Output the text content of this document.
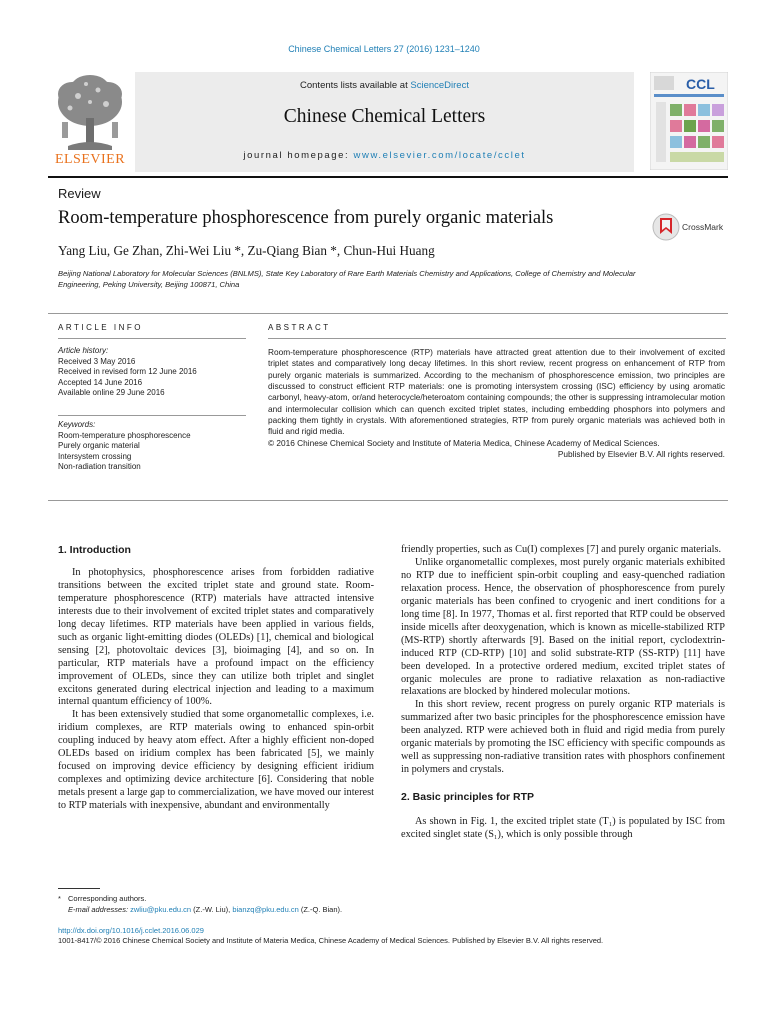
Chinese Chemical Letters 27 (2016) 1231–1240
ELSEVIER
Contents lists available at ScienceDirect
Chinese Chemical Letters
journal homepage: www.elsevier.com/locate/cclet
CCL
Review
Room-temperature phosphorescence from purely organic materials	CrossMark
Yang Liu, Ge Zhan, Zhi-Wei Liu *, Zu-Qiang Bian *, Chun-Hui Huang
Beijing National Laboratory for Molecular Sciences (BNLMS), State Key Laboratory of Rare Earth Materials Chemistry and Applications, College of Chemistry and Molecular Engineering, Peking University, Beijing 100871, China
ARTICLE INFO	ABSTRACT
Article history:
Received 3 May 2016
Received in revised form 12 June 2016
Accepted 14 June 2016
Available online 29 June 2016
Keywords:
Room-temperature phosphorescence
Purely organic material
Intersystem crossing
Non-radiation transition

Room-temperature phosphorescence (RTP) materials have attracted great attention due to their involvement of excited triplet states and comparatively long decay lifetimes. In this short review, recent progress on enhancement of RTP from purely organic materials is summarized. According to the mechanism of phosphorescence emission, two principles are discussed to construct efficient RTP materials: one is promoting intersystem crossing (ISC) efficiency by using aromatic carbonyl, heavy-atom, or/and heterocycle/heteroatom containing compounds; the other is suppressing intramolecular motion and intermolecular collision which can quench excited triplet states, including embedding phosphors into polymers and packing them tightly in crystals. With aforementioned strategies, RTP from purely organic materials was achieved both in fluid and rigid media.

© 2016 Chinese Chemical Society and Institute of Materia Medica, Chinese Academy of Medical Sciences.

Published by Elsevier B.V. All rights reserved.

1. Introduction

In photophysics, phosphorescence arises from forbidden radiative transitions between the excited triplet state and ground state. Room-temperature phosphorescence (RTP) materials have attracted intensive interests due to their involvement of excited triplet states and comparatively long decay lifetimes. RTP materials have been applied in various fields, such as organic light-emitting diodes (OLEDs) [1], chemical and biological sensing [2], photovoltaic devices [3], bioimaging [4], and so on. In particular, RTP materials have a profound impact on the efficiency improvement of OLEDs, since they can utilize both triplet and singlet excitons generated during electrical injection and leading to a maximum internal quantum efficiency of 100%.

It has been extensively studied that some organometallic complexes, i.e. iridium complexes, are RTP materials owing to enhanced spin-orbit coupling induced by heavy atom effect. After a highly efficient non-doped OLEDs based on iridium complex has been fabricated [5], we mainly focused on improving device efficiency by designing efficient iridium complexes and optimizing device architecture [6]. Considering that noble metals present a large gap to commercialization, we have moved our interest to RTP materials with inexpensive, abundant and environmentally

friendly properties, such as Cu(I) complexes [7] and purely organic materials.

Unlike organometallic complexes, most purely organic materials exhibited no RTP due to inefficient spin-orbit coupling and easy-quenched radiation relaxation process. Hence, the observation of phosphorescence from purely organic materials has been confined to cryogenic and inert conditions for a long time [8]. In 1977, Thomas et al. first reported that RTP could be observed inside micells after deoxygenation, which is known as micelle-stabilized RTP (MS-RTP) shortly afterwards [9]. Based on the initial report, cyclodextrin-induced RTP (CD-RTP) [10] and solid substrate-RTP (SS-RTP) [11] have been developed. In a protective ordered medium, excited triplet states of organic molecules are prone to radiative relaxation as non-radiactive relaxations are blocked by hindered molecular motions.

In this short review, recent progress on purely organic RTP materials is summarized after two basic principles for the phosphorescence emission have been analyzed. RTP were achieved both in fluid and rigid media from purely organic materials by promoting the ISC efficiency with specific compounds as well as suppressing non-radiative transition rates with phosphors confinement in polymers and crystals.

2. Basic principles for RTP

As shown in Fig. 1, the excited triplet state (T₁) is populated by ISC from excited singlet state (S₁), which is only possible through

* Corresponding authors.
E-mail addresses: zwliu@pku.edu.cn (Z.-W. Liu), bianzq@pku.edu.cn (Z.-Q. Bian).
http://dx.doi.org/10.1016/j.cclet.2016.06.029
1001-8417/© 2016 Chinese Chemical Society and Institute of Materia Medica, Chinese Academy of Medical Sciences. Published by Elsevier B.V. All rights reserved.
